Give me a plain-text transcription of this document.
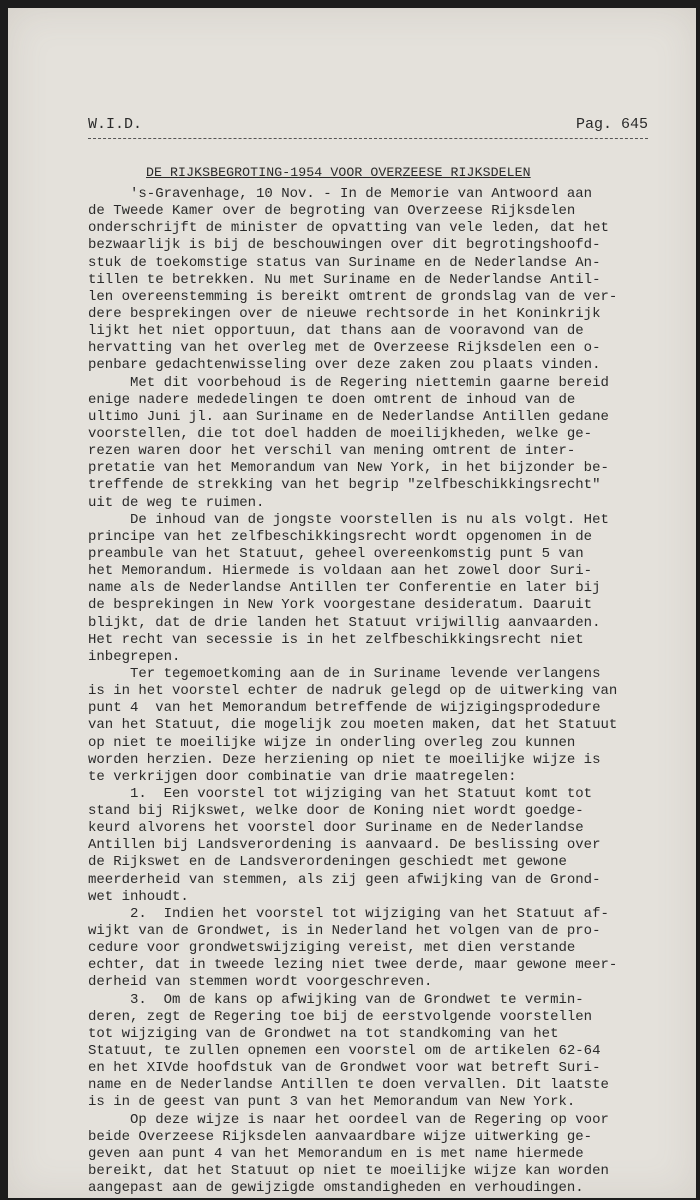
W.I.D.	Pag. 645
DE RIJKSBEGROTING-1954 VOOR OVERZEESE RIJKSDELEN
's-Gravenhage, 10 Nov. - In de Memorie van Antwoord aan
de Tweede Kamer over de begroting van Overzeese Rijksdelen
onderschrijft de minister de opvatting van vele leden, dat het
bezwaarlijk is bij de beschouwingen over dit begrotingshoofd-
stuk de toekomstige status van Suriname en de Nederlandse An-
tillen te betrekken. Nu met Suriname en de Nederlandse Antil-
len overeenstemming is bereikt omtrent de grondslag van de ver-
dere besprekingen over de nieuwe rechtsorde in het Koninkrijk
lijkt het niet opportuun, dat thans aan de vooravond van de
hervatting van het overleg met de Overzeese Rijksdelen een o-
penbare gedachtenwisseling over deze zaken zou plaats vinden.
Met dit voorbehoud is de Regering niettemin gaarne bereid
enige nadere mededelingen te doen omtrent de inhoud van de
ultimo Juni jl. aan Suriname en de Nederlandse Antillen gedane
voorstellen, die tot doel hadden de moeilijkheden, welke ge-
rezen waren door het verschil van mening omtrent de inter-
pretatie van het Memorandum van New York, in het bijzonder be-
treffende de strekking van het begrip "zelfbeschikkingsrecht"
uit de weg te ruimen.
De inhoud van de jongste voorstellen is nu als volgt. Het
principe van het zelfbeschikkingsrecht wordt opgenomen in de
preambule van het Statuut, geheel overeenkomstig punt 5 van
het Memorandum. Hiermede is voldaan aan het zowel door Suri-
name als de Nederlandse Antillen ter Conferentie en later bij
de besprekingen in New York voorgestane desideratum. Daaruit
blijkt, dat de drie landen het Statuut vrijwillig aanvaarden.
Het recht van secessie is in het zelfbeschikkingsrecht niet
inbegrepen.
Ter tegemoetkoming aan de in Suriname levende verlangens
is in het voorstel echter de nadruk gelegd op de uitwerking van
punt 4  van het Memorandum betreffende de wijzigingsprodedure
van het Statuut, die mogelijk zou moeten maken, dat het Statuut
op niet te moeilijke wijze in onderling overleg zou kunnen
worden herzien. Deze herziening op niet te moeilijke wijze is
te verkrijgen door combinatie van drie maatregelen:
1.  Een voorstel tot wijziging van het Statuut komt tot
stand bij Rijkswet, welke door de Koning niet wordt goedge-
keurd alvorens het voorstel door Suriname en de Nederlandse
Antillen bij Landsverordening is aanvaard. De beslissing over
de Rijkswet en de Landsverordeningen geschiedt met gewone
meerderheid van stemmen, als zij geen afwijking van de Grond-
wet inhoudt.
2.  Indien het voorstel tot wijziging van het Statuut af-
wijkt van de Grondwet, is in Nederland het volgen van de pro-
cedure voor grondwetswijziging vereist, met dien verstande
echter, dat in tweede lezing niet twee derde, maar gewone meer-
derheid van stemmen wordt voorgeschreven.
3.  Om de kans op afwijking van de Grondwet te vermin-
deren, zegt de Regering toe bij de eerstvolgende voorstellen
tot wijziging van de Grondwet na tot standkoming van het
Statuut, te zullen opnemen een voorstel om de artikelen 62-64
en het XIVde hoofdstuk van de Grondwet voor wat betreft Suri-
name en de Nederlandse Antillen te doen vervallen. Dit laatste
is in de geest van punt 3 van het Memorandum van New York.
Op deze wijze is naar het oordeel van de Regering op voor
beide Overzeese Rijksdelen aanvaardbare wijze uitwerking ge-
geven aan punt 4 van het Memorandum en is met name hiermede
bereikt, dat het Statuut op niet te moeilijke wijze kan worden
aangepast aan de gewijzigde omstandigheden en verhoudingen.
